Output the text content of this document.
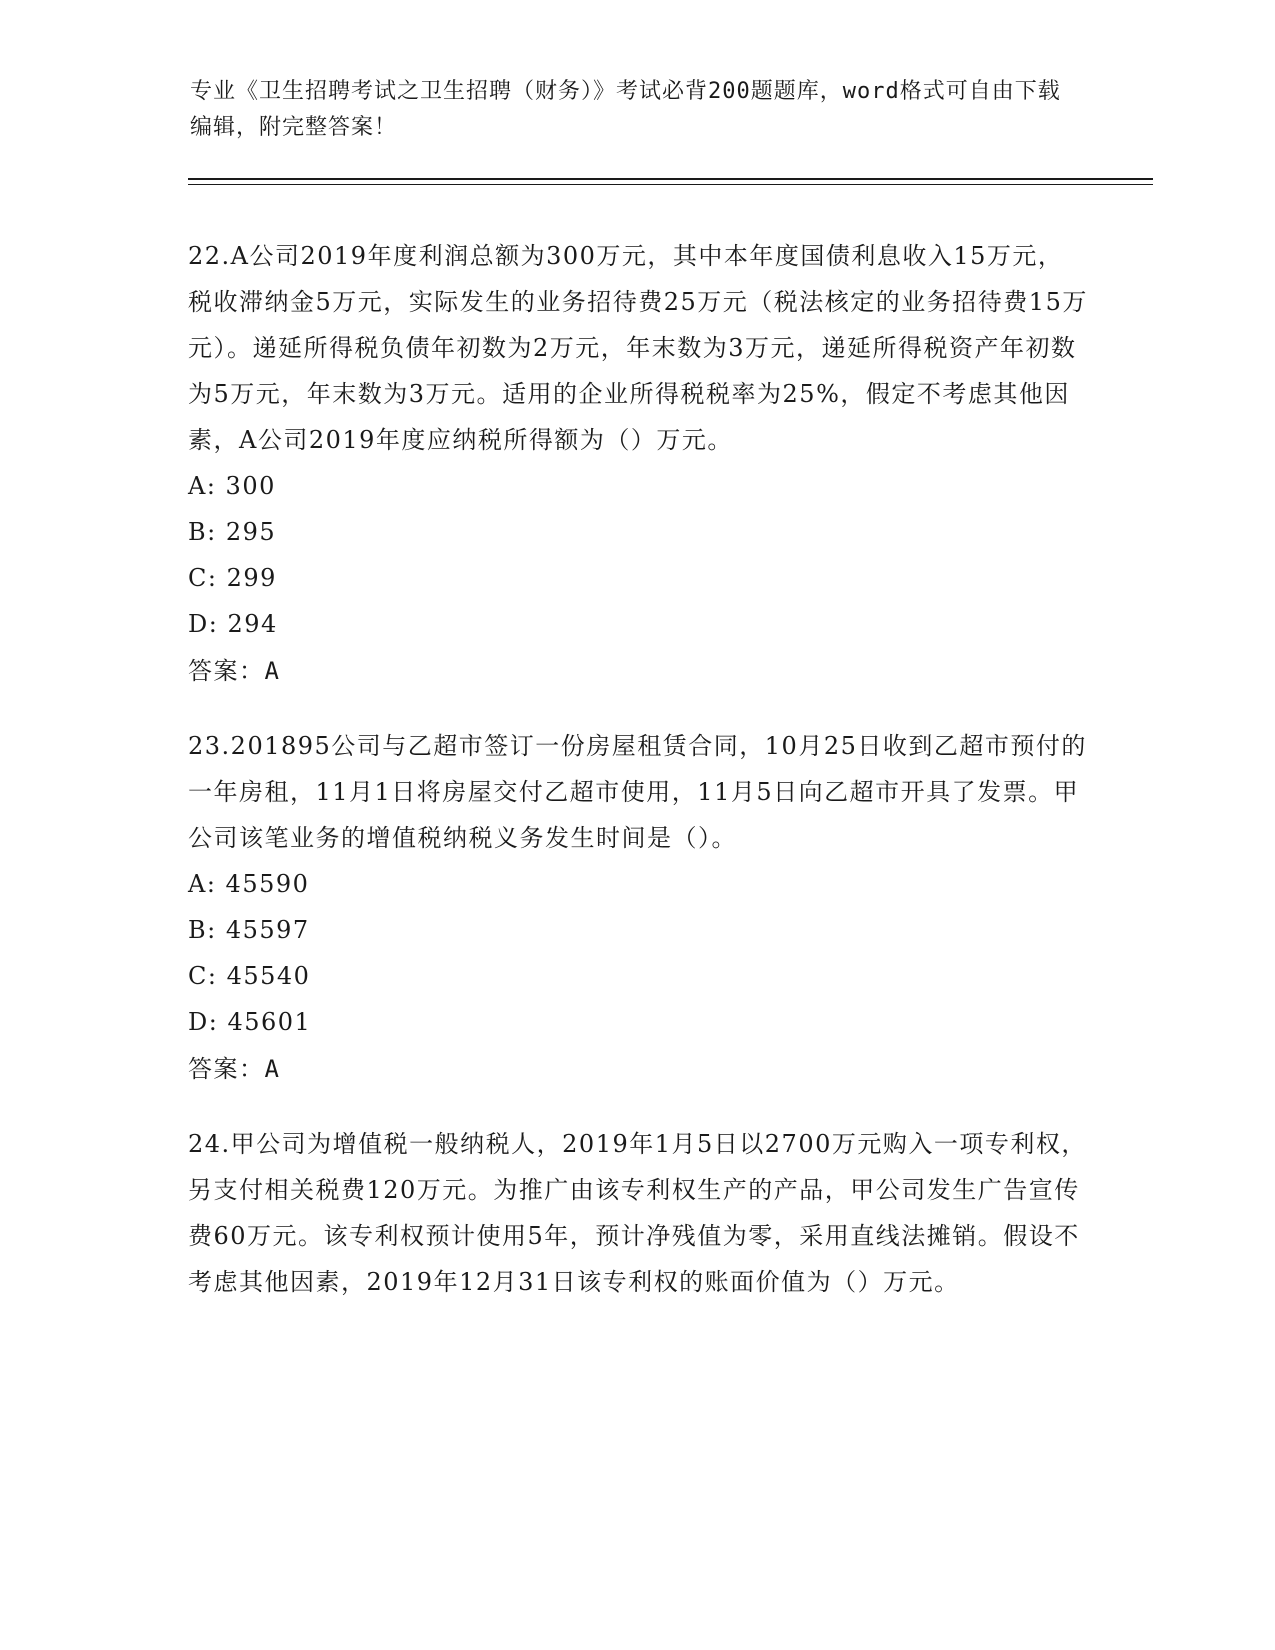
专业《卫生招聘考试之卫生招聘（财务）》考试必背200题题库，word格式可自由下载编辑，附完整答案！

22.A公司2019年度利润总额为300万元，其中本年度国债利息收入15万元，税收滞纳金5万元，实际发生的业务招待费25万元（税法核定的业务招待费15万元）。递延所得税负债年初数为2万元，年末数为3万元，递延所得税资产年初数为5万元，年末数为3万元。适用的企业所得税税率为25%，假定不考虑其他因素，A公司2019年度应纳税所得额为（）万元。

A: 300

B: 295

C: 299

D: 294

答案：A

23.201895公司与乙超市签订一份房屋租赁合同，10月25日收到乙超市预付的一年房租，11月1日将房屋交付乙超市使用，11月5日向乙超市开具了发票。甲公司该笔业务的增值税纳税义务发生时间是（）。

A: 45590

B: 45597

C: 45540

D: 45601

答案：A

24.甲公司为增值税一般纳税人，2019年1月5日以2700万元购入一项专利权，另支付相关税费120万元。为推广由该专利权生产的产品，甲公司发生广告宣传费60万元。该专利权预计使用5年，预计净残值为零，采用直线法摊销。假设不考虑其他因素，2019年12月31日该专利权的账面价值为（）万元。
